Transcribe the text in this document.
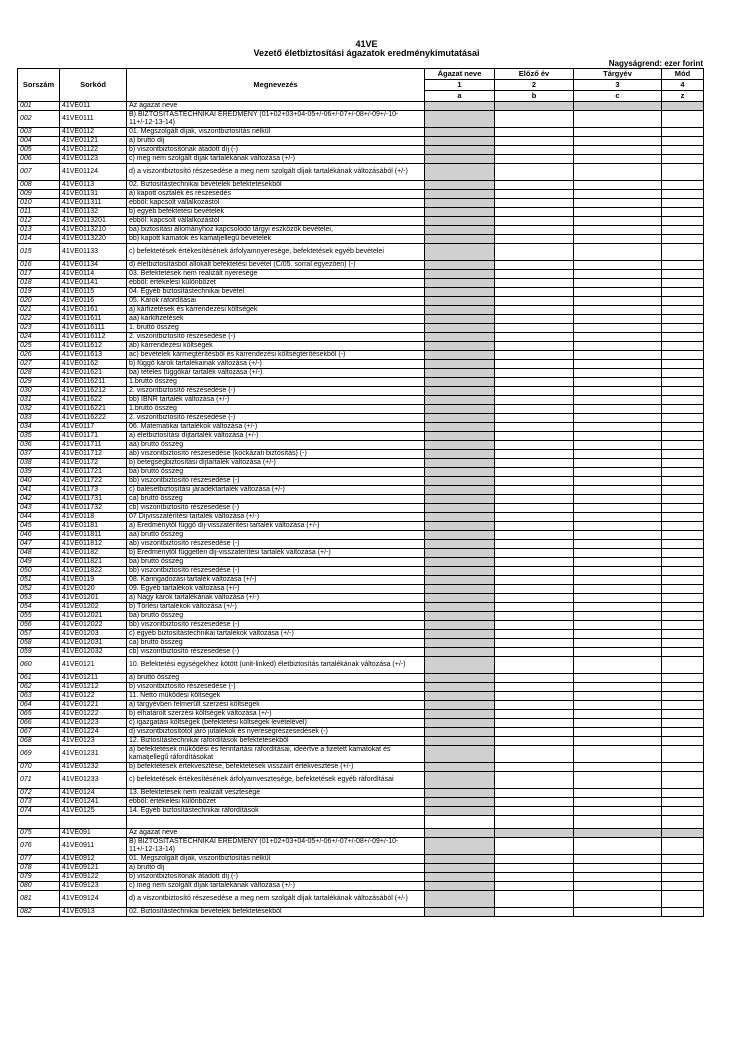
41VE
Vezető életbiztosítási ágazatok eredménykimutatásai
Nagyságrend: ezer forint
Sorszám	Sorkód	Megnevezés	Ágazat neve	Előző év	Tárgyév	Mód
			1	2	3	4
			a	b	c	z
001	41VE011	Az ágazat neve				
002	41VE0111	B) BIZTOSÍTÁSTECHNIKAI EREDMÉNY (01+02+03+04-05+/-06+/-07+/-08+/-09+/-10-11+/-12-13-14)				
003	41VE0112	01. Megszolgált díjak, viszontbiztosítás nélkül				
004	41VE01121	a) bruttó díj				
005	41VE01122	b) viszontbiztosítónak átadott díj (-)				
006	41VE01123	c) meg nem szolgált díjak tartalékának változása (+/-)				
007	41VE01124	d) a viszontbiztosító részesedése a meg nem szolgált díjak tartalékának változásából (+/-)				
008	41VE0113	02. Biztosítástechnikai bevételek befektetésekből				
009	41VE01131	a) kapott osztalék és részesedés				
010	41VE011311	ebből: kapcsolt vállalkozástól				
011	41VE01132	b) egyéb befektetési bevételek				
012	41VE0113201	ebből: kapcsolt vállalkozástól				
013	41VE0113210	ba) biztosítási állományhoz kapcsolódó tárgyi eszközök bevételei,				
014	41VE0113220	bb) kapott kamatok és kamatjellegű bevételek				
015	41VE01133	c) befektetések értékesítésének árfolyamnyeresége, befektetések egyéb bevételei				
016	41VE01134	d) életbiztosításból allokált befektetési bevétel (C/05. sorral egyezően) (-)				
017	41VE0114	03. Befektetések nem realizált nyeresége				
018	41VE01141	ebből: értékelési különbözet				
019	41VE0115	04. Egyéb biztosítástechnikai bevétel				
020	41VE0116	05. Károk ráfordításai				
021	41VE01161	a) kárfizetések és kárrendezési költségek				
022	41VE011611	aa) kárkifizetések				
023	41VE0116111	1. bruttó összeg				
024	41VE0116112	2. viszontbiztosító részesedése (-)				
025	41VE011612	ab) kárrendezési költségek				
026	41VE011613	ac) bevételek kármegtérítésből és kárrendezési költségtérítésekből (-)				
027	41VE01162	b) függő károk tartalékainak változása (+/-)				
028	41VE011621	ba) tételes függőkár tartalék változása (+/-)				
029	41VE0116211	1.bruttó összeg				
030	41VE0116212	2. viszontbiztosító részesedése (-)				
031	41VE011622	bb) IBNR tartalék változása (+/-)				
032	41VE0116221	1.bruttó összeg				
033	41VE0116222	2. viszontbiztosító részesedése (-)				
034	41VE0117	06. Matematikai tartalékok változása (+/-)				
035	41VE01171	a) életbiztosítási díjtartalék változása (+/-)				
036	41VE011711	aa) bruttó összeg				
037	41VE011712	ab) viszontbiztosító részesedése (kockázati biztosítás) (-)				
038	41VE01172	b) betegségbiztosítási díjtartalék változása (+/-)				
039	41VE011721	ba) bruttó összeg				
040	41VE011722	bb) viszontbiztosító részesedése (-)				
041	41VE01173	c) balesetbiztosítási járadéktartalék változása (+/-)				
042	41VE011731	ca) bruttó összeg				
043	41VE011732	cb) viszontbiztosító részesedése (-)				
044	41VE0118	07 Díjvisszatérítési tartalék változása (+/-)				
045	41VE01181	a) Eredménytől függő díj-visszatérítési tartalék változása (+/-)				
046	41VE011811	aa) bruttó összeg				
047	41VE011812	ab) viszontbiztosító részesedése (-)				
048	41VE01182	b) Eredménytől független díj-visszatérítési tartalék változása (+/-)				
049	41VE011821	ba) bruttó összeg				
050	41VE011822	bb) viszontbiztosító részesedése (-)				
051	41VE0119	08. Káringadozási tartalék változása (+/-)				
052	41VE0120	09. Egyéb tartalékok változása (+/-)				
053	41VE01201	a) Nagy károk tartalékának változása (+/-)				
054	41VE01202	b) Törlési tartalékok változása (+/-)				
055	41VE012021	ba) bruttó összeg				
056	41VE012022	bb) viszontbiztosító részesedése (-)				
057	41VE01203	c) egyéb biztosítástechnikai tartalékok változása (+/-)				
058	41VE012031	ca) bruttó összeg				
059	41VE012032	cb) viszontbiztosító részesedése (-)				
060	41VE0121	10. Befektetési egységekhez kötött (unit-linked) életbiztosítás tartalékának változása (+/-)				
061	41VE01211	a) bruttó összeg				
062	41VE01212	b) viszontbiztosító részesedése (-)				
063	41VE0122	11. Nettó működési költségek				
064	41VE01221	a) tárgyévben felmerült szerzési költségek				
065	41VE01222	b) elhatárolt szerzési költségek változása (+/-)				
066	41VE01223	c) igazgatási költségek (befektetési költségek levételével)				
067	41VE01224	d) viszontbiztosítótól járó jutalékok és nyereségrészesedések (-)				
068	41VE0123	12. Biztosítástechnikai ráfordítások befektetésekből				
069	41VE01231	a) befektetések működési és fenntartási ráfordításai, ideértve a fizetett kamatokat és kamatjellegű ráfordításokat				
070	41VE01232	b) befektetések értékvesztése, befektetések visszaírt értékvesztése (+/-)				
071	41VE01233	c) befektetések értékesítésének árfolyamvesztesége, befektetések egyéb ráfordításai				
072	41VE0124	13. Befektetések nem realizált vesztesége				
073	41VE01241	ebből: értékelési különbözet				
074	41VE0125	14. Egyéb biztosítástechnikai ráfordítások				

075	41VE091	Az ágazat neve				
076	41VE0911	B) BIZTOSÍTÁSTECHNIKAI EREDMÉNY (01+02+03+04-05+/-06+/-07+/-08+/-09+/-10-11+/-12-13-14)				
077	41VE0912	01. Megszolgált díjak, viszontbiztosítás nélkül				
078	41VE09121	a) bruttó díj				
079	41VE09122	b) viszontbiztosítónak átadott díj (-)				
080	41VE09123	c) meg nem szolgált díjak tartalékának változása (+/-)				
081	41VE09124	d) a viszontbiztosító részesedése a meg nem szolgált díjak tartalékának változásából (+/-)				
082	41VE0913	02. Biztosítástechnikai bevételek befektetésekből				
